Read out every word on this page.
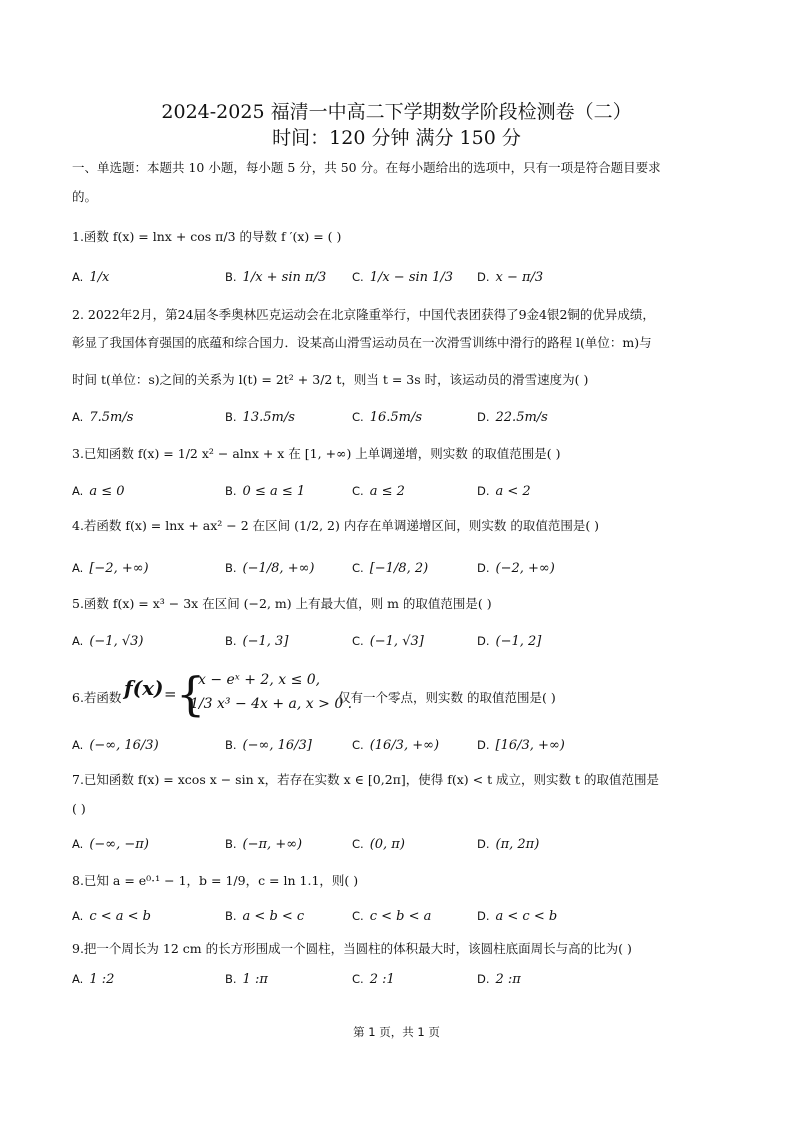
2024-2025 福清一中高二下学期数学阶段检测卷（二）
时间：120 分钟 满分 150 分
一、单选题：本题共 10 小题，每小题 5 分，共 50 分。在每小题给出的选项中，只有一项是符合题目要求
的。
1.函数 f(x) = lnx + cos π/3 的导数 f ′(x) = ( )
A. 1/x	B. 1/x + sin π/3 C. 1/x − sin 1/3 D. x − π/3
2. 2022年2月，第24届冬季奥林匹克运动会在北京隆重举行，中国代表团获得了9金4银2铜的优异成绩，
彰显了我国体育强国的底蕴和综合国力．设某高山滑雪运动员在一次滑雪训练中滑行的路程 l(单位：m)与
时间 t(单位：s)之间的关系为 l(t) = 2t² + 3/2 t，则当 t = 3s 时，该运动员的滑雪速度为( )
A. 7.5m/s	B. 13.5m/s	C. 16.5m/s	D. 22.5m/s
3.已知函数 f(x) = 1/2 x² − alnx + x 在 [1, +∞) 上单调递增，则实数 的取值范围是( )
A. a ≤ 0	B. 0 ≤ a ≤ 1	C. a ≤ 2	D. a < 2
4.若函数 f(x) = lnx + ax² − 2 在区间 (1/2, 2) 内存在单调递增区间，则实数 的取值范围是( )
A. [−2, +∞)	B. (−1/8, +∞)	C. [−1/8, 2)	D. (−2, +∞)
5.函数 f(x) = x³ − 3x 在区间 (−2, m) 上有最大值，则 m 的取值范围是( )
A. (−1, √3)	B. (−1, 3]	C. (−1, √3]	D. (−1, 2]
6.若函数 f(x) = {
x − eˣ + 2, x ≤ 0,
1/3 x³ − 4x + a, x > 0 .
仅有一个零点，则实数 的取值范围是( )
A. (−∞, 16/3)	B. (−∞, 16/3]	C. (16/3, +∞)	D. [16/3, +∞)
7.已知函数 f(x) = xcos x − sin x，若存在实数 x ∈ [0,2π]，使得 f(x) < t 成立，则实数 t 的取值范围是
( )
A. (−∞, −π)	B. (−π, +∞)	C. (0, π)	D. (π, 2π)
8.已知 a = e⁰·¹ − 1，b = 1/9，c = ln 1.1，则( )
A. c < a < b	B. a < b < c	C. c < b < a	D. a < c < b
9.把一个周长为 12 cm 的长方形围成一个圆柱，当圆柱的体积最大时，该圆柱底面周长与高的比为( )
A. 1 :2	B. 1 :π	C. 2 :1	D. 2 :π
第 1 页，共 1 页
